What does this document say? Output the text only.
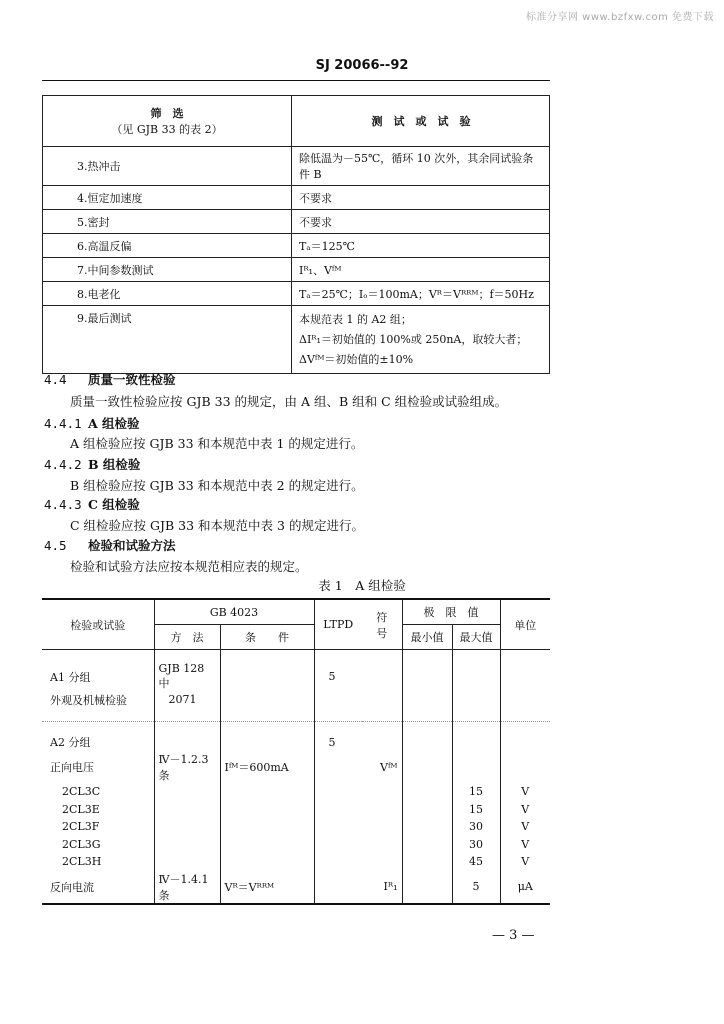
标准分享网 www.bzfxw.com 免费下载
SJ 20066--92
筛　选
（见 GJB 33 的表 2）	测　试　或　试　验
3.热冲击	除低温为－55℃，循环 10 次外，其余同试验条件 B
4.恒定加速度	不要求
5.密封	不要求
6.高温反偏	Tₐ＝125℃
7.中间参数测试	Iᴿ₁、Vᶠᴹ
8.电老化	Tₐ＝25℃；Iₒ＝100mA；Vᴿ＝Vᴿᴿᴹ；f＝50Hz
9.最后测试	本规范表 1 的 A2 组；
ΔIᴿ₁＝初始值的 100%或 250nA，取较大者；
ΔVᶠᴹ＝初始值的±10%
4.4 质量一致性检验
质量一致性检验应按 GJB 33 的规定，由 A 组、B 组和 C 组检验或试验组成。
4.4.1 A 组检验
A 组检验应按 GJB 33 和本规范中表 1 的规定进行。
4.4.2 B 组检验
B 组检验应按 GJB 33 和本规范中表 2 的规定进行。
4.4.3 C 组检验
C 组检验应按 GJB 33 和本规范中表 3 的规定进行。
4.5 检验和试验方法
检验和试验方法应按本规范相应表的规定。
表 1　A 组检验
检验或试验	GB 4023		LTPD	符　号	极　限　值		单位
	方　法	条　　件			最小值	最大值	

A1 分组	GJB 128 中		5				
外观及机械检验	2071						

A2 分组			5				
正向电压	Ⅳ－1.2.3 条	Iᶠᴹ＝600mA		Vᶠᴹ			
2CL3C						15	V
2CL3E						15	V
2CL3F						30	V
2CL3G						30	V
2CL3H						45	V
反向电流	Ⅳ－1.4.1 条	Vᴿ＝Vᴿᴿᴹ		Iᴿ₁		5	μA
— 3 —
